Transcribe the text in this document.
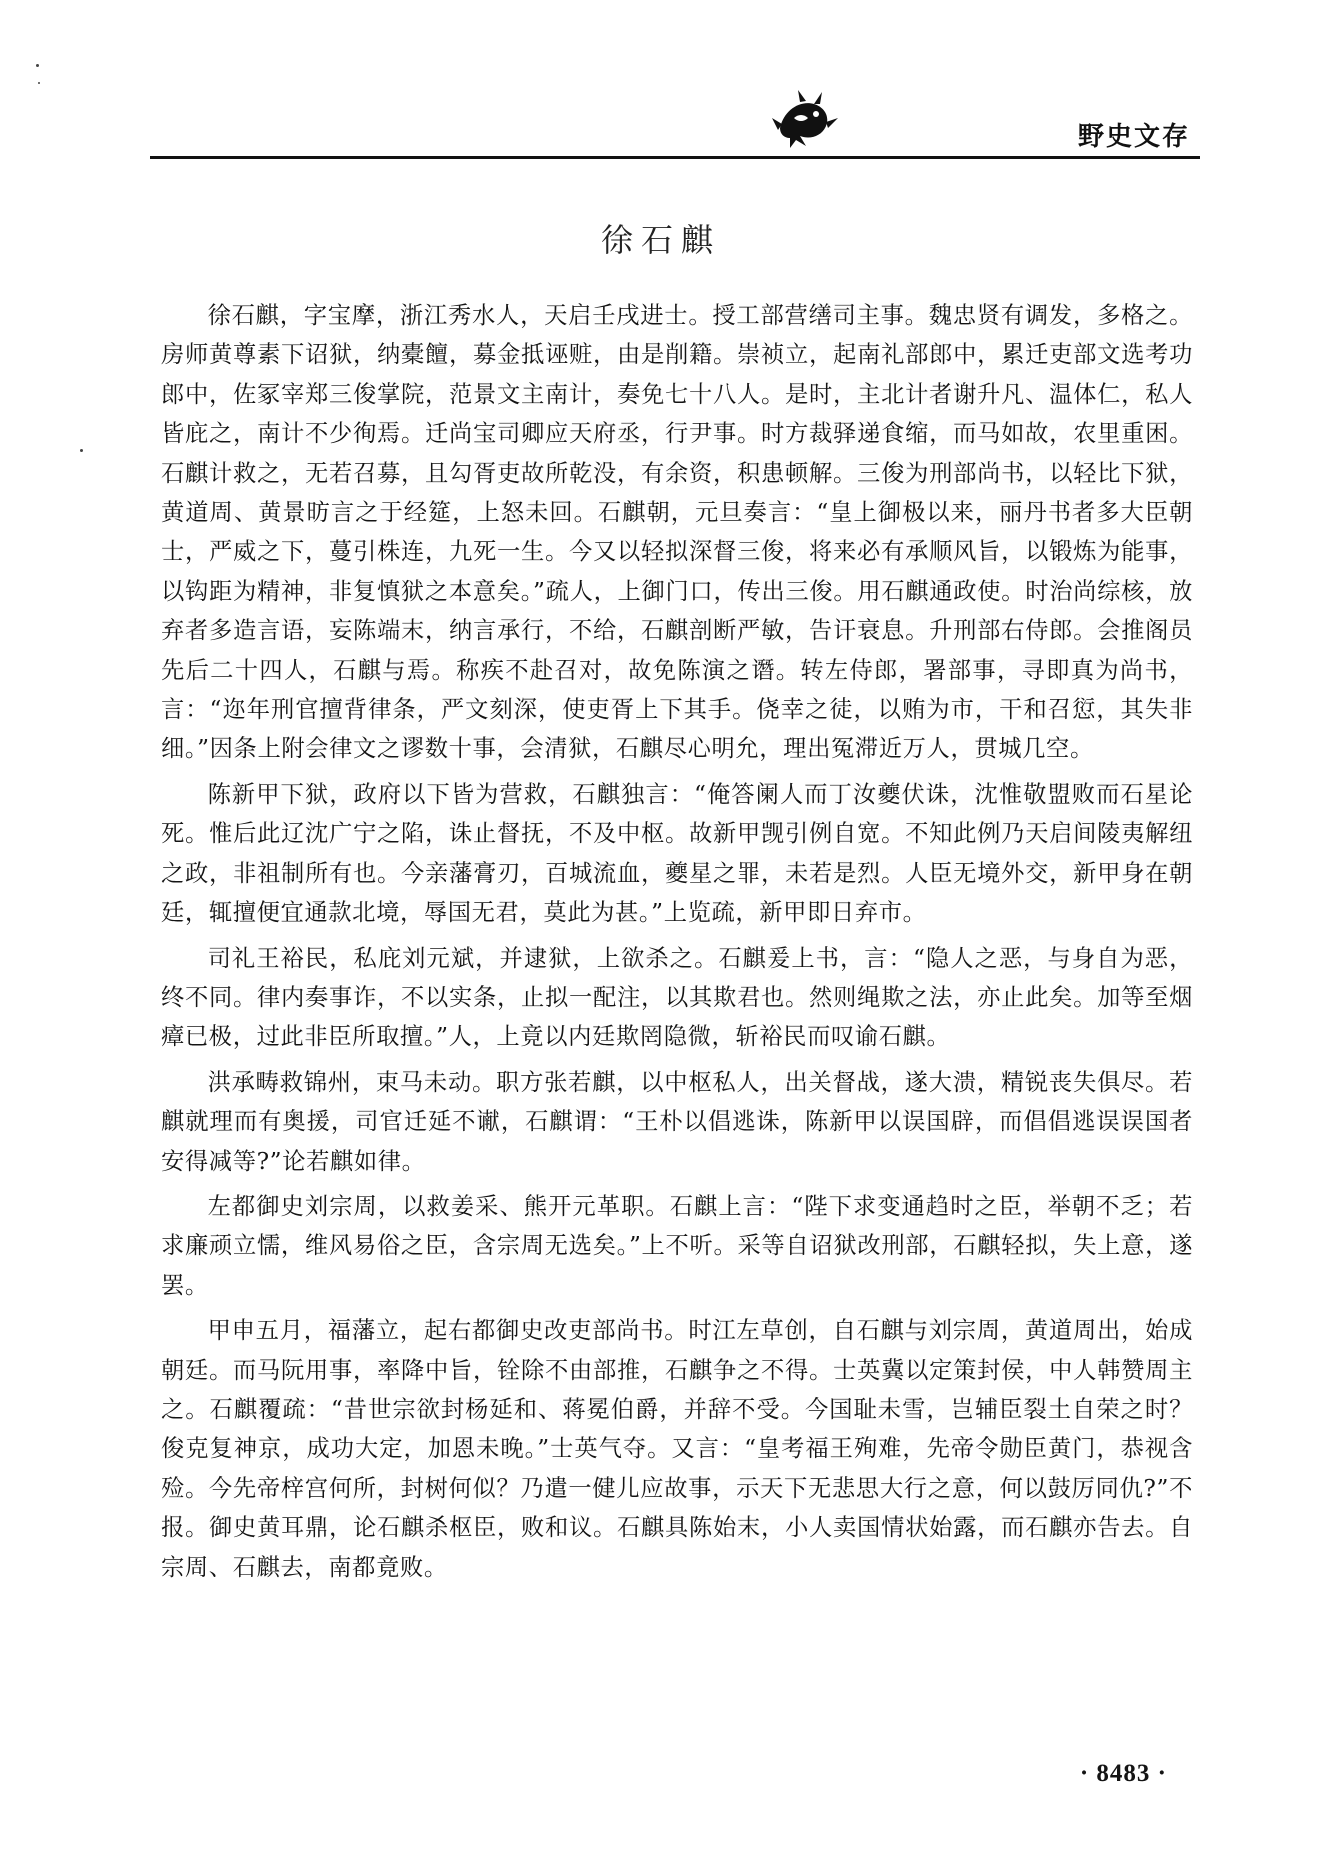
野史文存
徐石麒

徐石麒，字宝摩，浙江秀水人，天启壬戌进士。授工部营缮司主事。魏忠贤有调发，多格之。房师黄尊素下诏狱，纳橐饘，募金抵诬赃，由是削籍。崇祯立，起南礼部郎中，累迁吏部文选考功郎中，佐冢宰郑三俊掌院，范景文主南计，奏免七十八人。是时，主北计者谢升凡、温体仁，私人皆庇之，南计不少徇焉。迁尚宝司卿应天府丞，行尹事。时方裁驿递食缩，而马如故，农里重困。石麒计救之，无若召募，且勾胥吏故所乾没，有余资，积患顿解。三俊为刑部尚书，以轻比下狱，黄道周、黄景昉言之于经筵，上怒未回。石麒朝，元旦奏言：“皇上御极以来，丽丹书者多大臣朝士，严威之下，蔓引株连，九死一生。今又以轻拟深督三俊，将来必有承顺风旨，以锻炼为能事，以钩距为精神，非复慎狱之本意矣。”疏人，上御门口，传出三俊。用石麒通政使。时治尚综核，放弃者多造言语，妄陈端末，纳言承行，不给，石麒剖断严敏，告讦衰息。升刑部右侍郎。会推阁员先后二十四人，石麒与焉。称疾不赴召对，故免陈演之谮。转左侍郎，署部事，寻即真为尚书，言：“迩年刑官擅背律条，严文刻深，使吏胥上下其手。侥幸之徒，以贿为市，干和召愆，其失非细。”因条上附会律文之谬数十事，会清狱，石麒尽心明允，理出冤滞近万人，贯城几空。

陈新甲下狱，政府以下皆为营救，石麒独言：“俺答阑人而丁汝夔伏诛，沈惟敬盟败而石星论死。惟后此辽沈广宁之陷，诛止督抚，不及中枢。故新甲觊引例自宽。不知此例乃天启间陵夷解纽之政，非祖制所有也。今亲藩膏刃，百城流血，夔星之罪，未若是烈。人臣无境外交，新甲身在朝廷，辄擅便宜通款北境，辱国无君，莫此为甚。”上览疏，新甲即日弃市。

司礼王裕民，私庇刘元斌，并逮狱，上欲杀之。石麒爰上书，言：“隐人之恶，与身自为恶，终不同。律内奏事诈，不以实条，止拟一配注，以其欺君也。然则绳欺之法，亦止此矣。加等至烟瘴已极，过此非臣所取擅。”人，上竟以内廷欺罔隐微，斩裕民而叹谕石麒。

洪承畴救锦州，束马未动。职方张若麒，以中枢私人，出关督战，遂大溃，精锐丧失俱尽。若麒就理而有奥援，司官迁延不谳，石麒谓：“王朴以倡逃诛，陈新甲以误国辟，而倡倡逃误误国者安得减等?”论若麒如律。

左都御史刘宗周，以救姜采、熊开元革职。石麒上言：“陛下求变通趋时之臣，举朝不乏；若求廉顽立懦，维风易俗之臣，含宗周无选矣。”上不听。采等自诏狱改刑部，石麒轻拟，失上意，遂罢。

甲申五月，福藩立，起右都御史改吏部尚书。时江左草创，自石麒与刘宗周，黄道周出，始成朝廷。而马阮用事，率降中旨，铨除不由部推，石麒争之不得。士英冀以定策封侯，中人韩赞周主之。石麒覆疏：“昔世宗欲封杨延和、蒋冕伯爵，并辞不受。今国耻未雪，岂辅臣裂土自荣之时？俊克复神京，成功大定，加恩未晚。”士英气夺。又言：“皇考福王殉难，先帝令勋臣黄门，恭视含殓。今先帝梓宫何所，封树何似？乃遣一健儿应故事，示天下无悲思大行之意，何以鼓厉同仇?”不报。御史黄耳鼎，论石麒杀枢臣，败和议。石麒具陈始末，小人卖国情状始露，而石麒亦告去。自宗周、石麒去，南都竟败。

· 8483 ·
